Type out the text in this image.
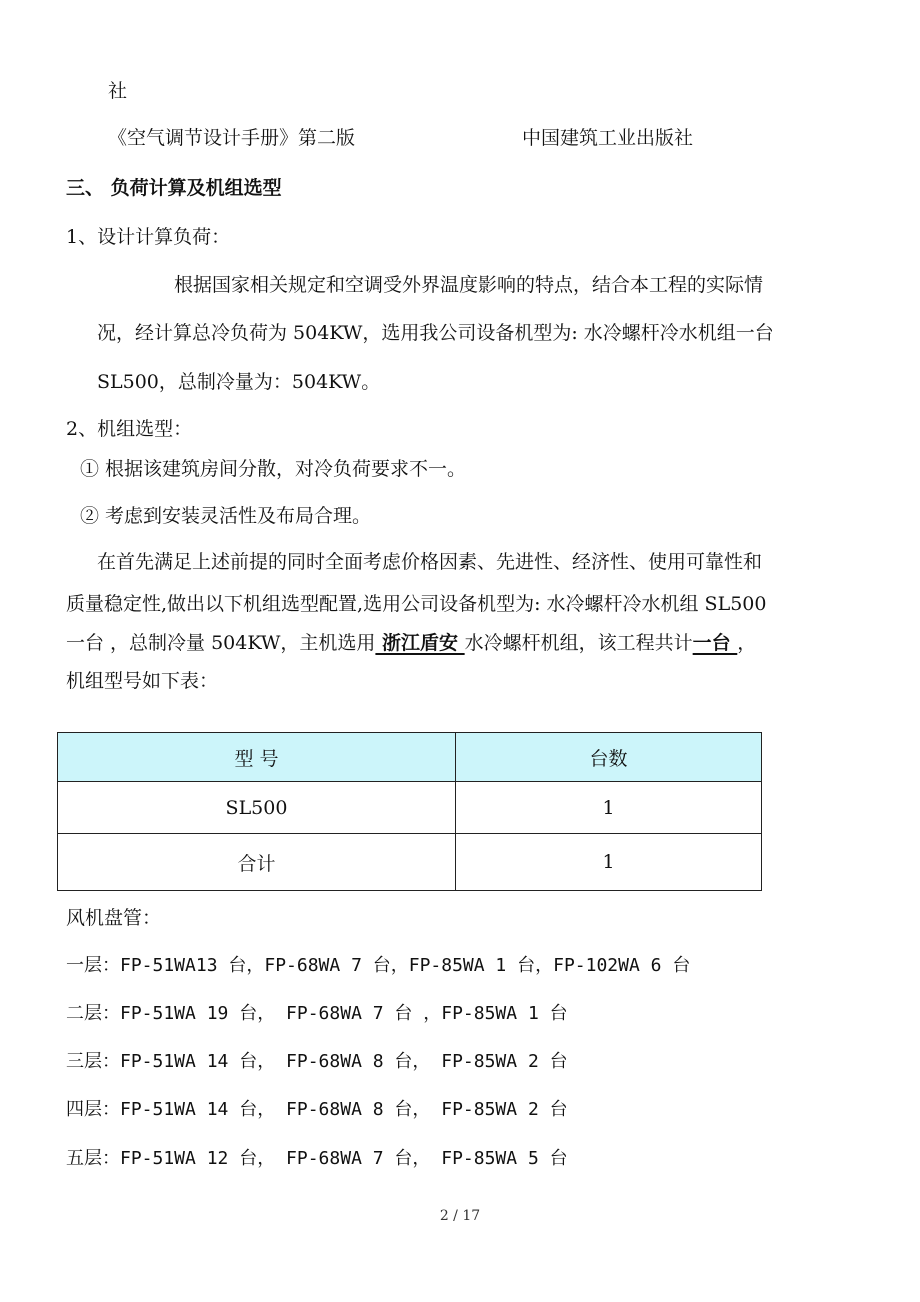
社
《空气调节设计手册》第二版	中国建筑工业出版社
三、 负荷计算及机组选型
1、设计计算负荷：
根据国家相关规定和空调受外界温度影响的特点，结合本工程的实际情
况，经计算总冷负荷为 504KW，选用我公司设备机型为: 水冷螺杆冷水机组一台
SL500，总制冷量为：504KW。
2、机组选型：
① 根据该建筑房间分散，对冷负荷要求不一。
② 考虑到安装灵活性及布局合理。
在首先满足上述前提的同时全面考虑价格因素、先进性、经济性、使用可靠性和
质量稳定性,做出以下机组选型配置,选用公司设备机型为: 水冷螺杆冷水机组 SL500
一台 ，总制冷量 504KW，主机选用 浙江盾安 水冷螺杆机组，该工程共计一台 ，
机组型号如下表：
型 号	台数
SL500	1
合计	1
风机盘管：
一层：FP-51WA13 台，FP-68WA 7 台，FP-85WA 1 台，FP-102WA 6 台
二层：FP-51WA 19 台， FP-68WA 7 台 ，FP-85WA 1 台
三层：FP-51WA 14 台， FP-68WA 8 台， FP-85WA 2 台
四层：FP-51WA 14 台， FP-68WA 8 台， FP-85WA 2 台
五层：FP-51WA 12 台， FP-68WA 7 台， FP-85WA 5 台
2 / 17
